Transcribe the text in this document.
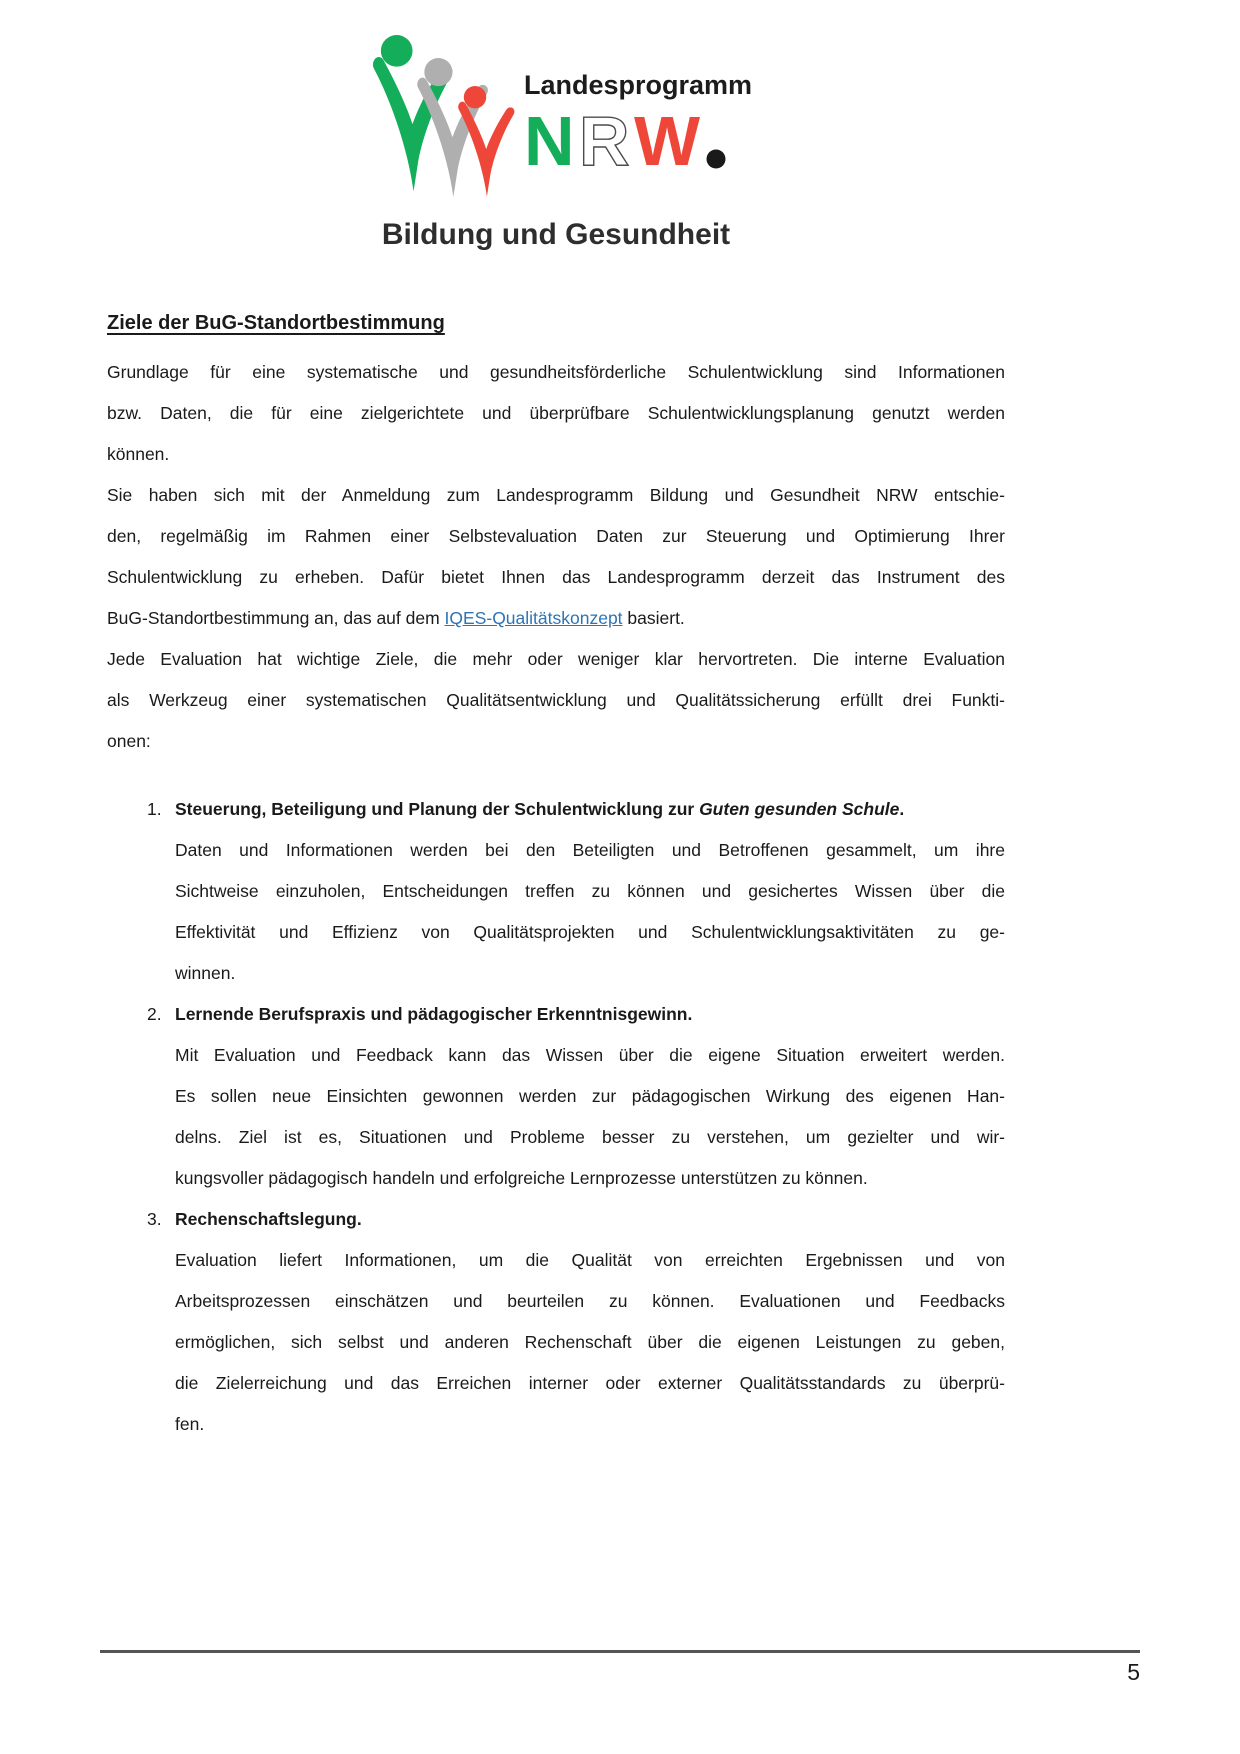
Landesprogramm
N R W
Bildung und Gesundheit
Ziele der BuG-Standortbestimmung
Grundlage für eine systematische und gesundheitsförderliche Schulentwicklung sind Informationen
bzw. Daten, die für eine zielgerichtete und überprüfbare Schulentwicklungsplanung genutzt werden
können.
Sie haben sich mit der Anmeldung zum Landesprogramm Bildung und Gesundheit NRW entschie-
den, regelmäßig im Rahmen einer Selbstevaluation Daten zur Steuerung und Optimierung Ihrer
Schulentwicklung zu erheben. Dafür bietet Ihnen das Landesprogramm derzeit das Instrument des
BuG-Standortbestimmung an, das auf dem IQES-Qualitätskonzept basiert.
Jede Evaluation hat wichtige Ziele, die mehr oder weniger klar hervortreten. Die interne Evaluation
als Werkzeug einer systematischen Qualitätsentwicklung und Qualitätssicherung erfüllt drei Funkti-
onen:
1. Steuerung, Beteiligung und Planung der Schulentwicklung zur Guten gesunden Schule.
Daten und Informationen werden bei den Beteiligten und Betroffenen gesammelt, um ihre
Sichtweise einzuholen, Entscheidungen treffen zu können und gesichertes Wissen über die
Effektivität und Effizienz von Qualitätsprojekten und Schulentwicklungsaktivitäten zu ge-
winnen.
2. Lernende Berufspraxis und pädagogischer Erkenntnisgewinn.
Mit Evaluation und Feedback kann das Wissen über die eigene Situation erweitert werden.
Es sollen neue Einsichten gewonnen werden zur pädagogischen Wirkung des eigenen Han-
delns. Ziel ist es, Situationen und Probleme besser zu verstehen, um gezielter und wir-
kungsvoller pädagogisch handeln und erfolgreiche Lernprozesse unterstützen zu können.
3. Rechenschaftslegung.
Evaluation liefert Informationen, um die Qualität von erreichten Ergebnissen und von
Arbeitsprozessen einschätzen und beurteilen zu können. Evaluationen und Feedbacks
ermöglichen, sich selbst und anderen Rechenschaft über die eigenen Leistungen zu geben,
die Zielerreichung und das Erreichen interner oder externer Qualitätsstandards zu überprü-
fen.
5
